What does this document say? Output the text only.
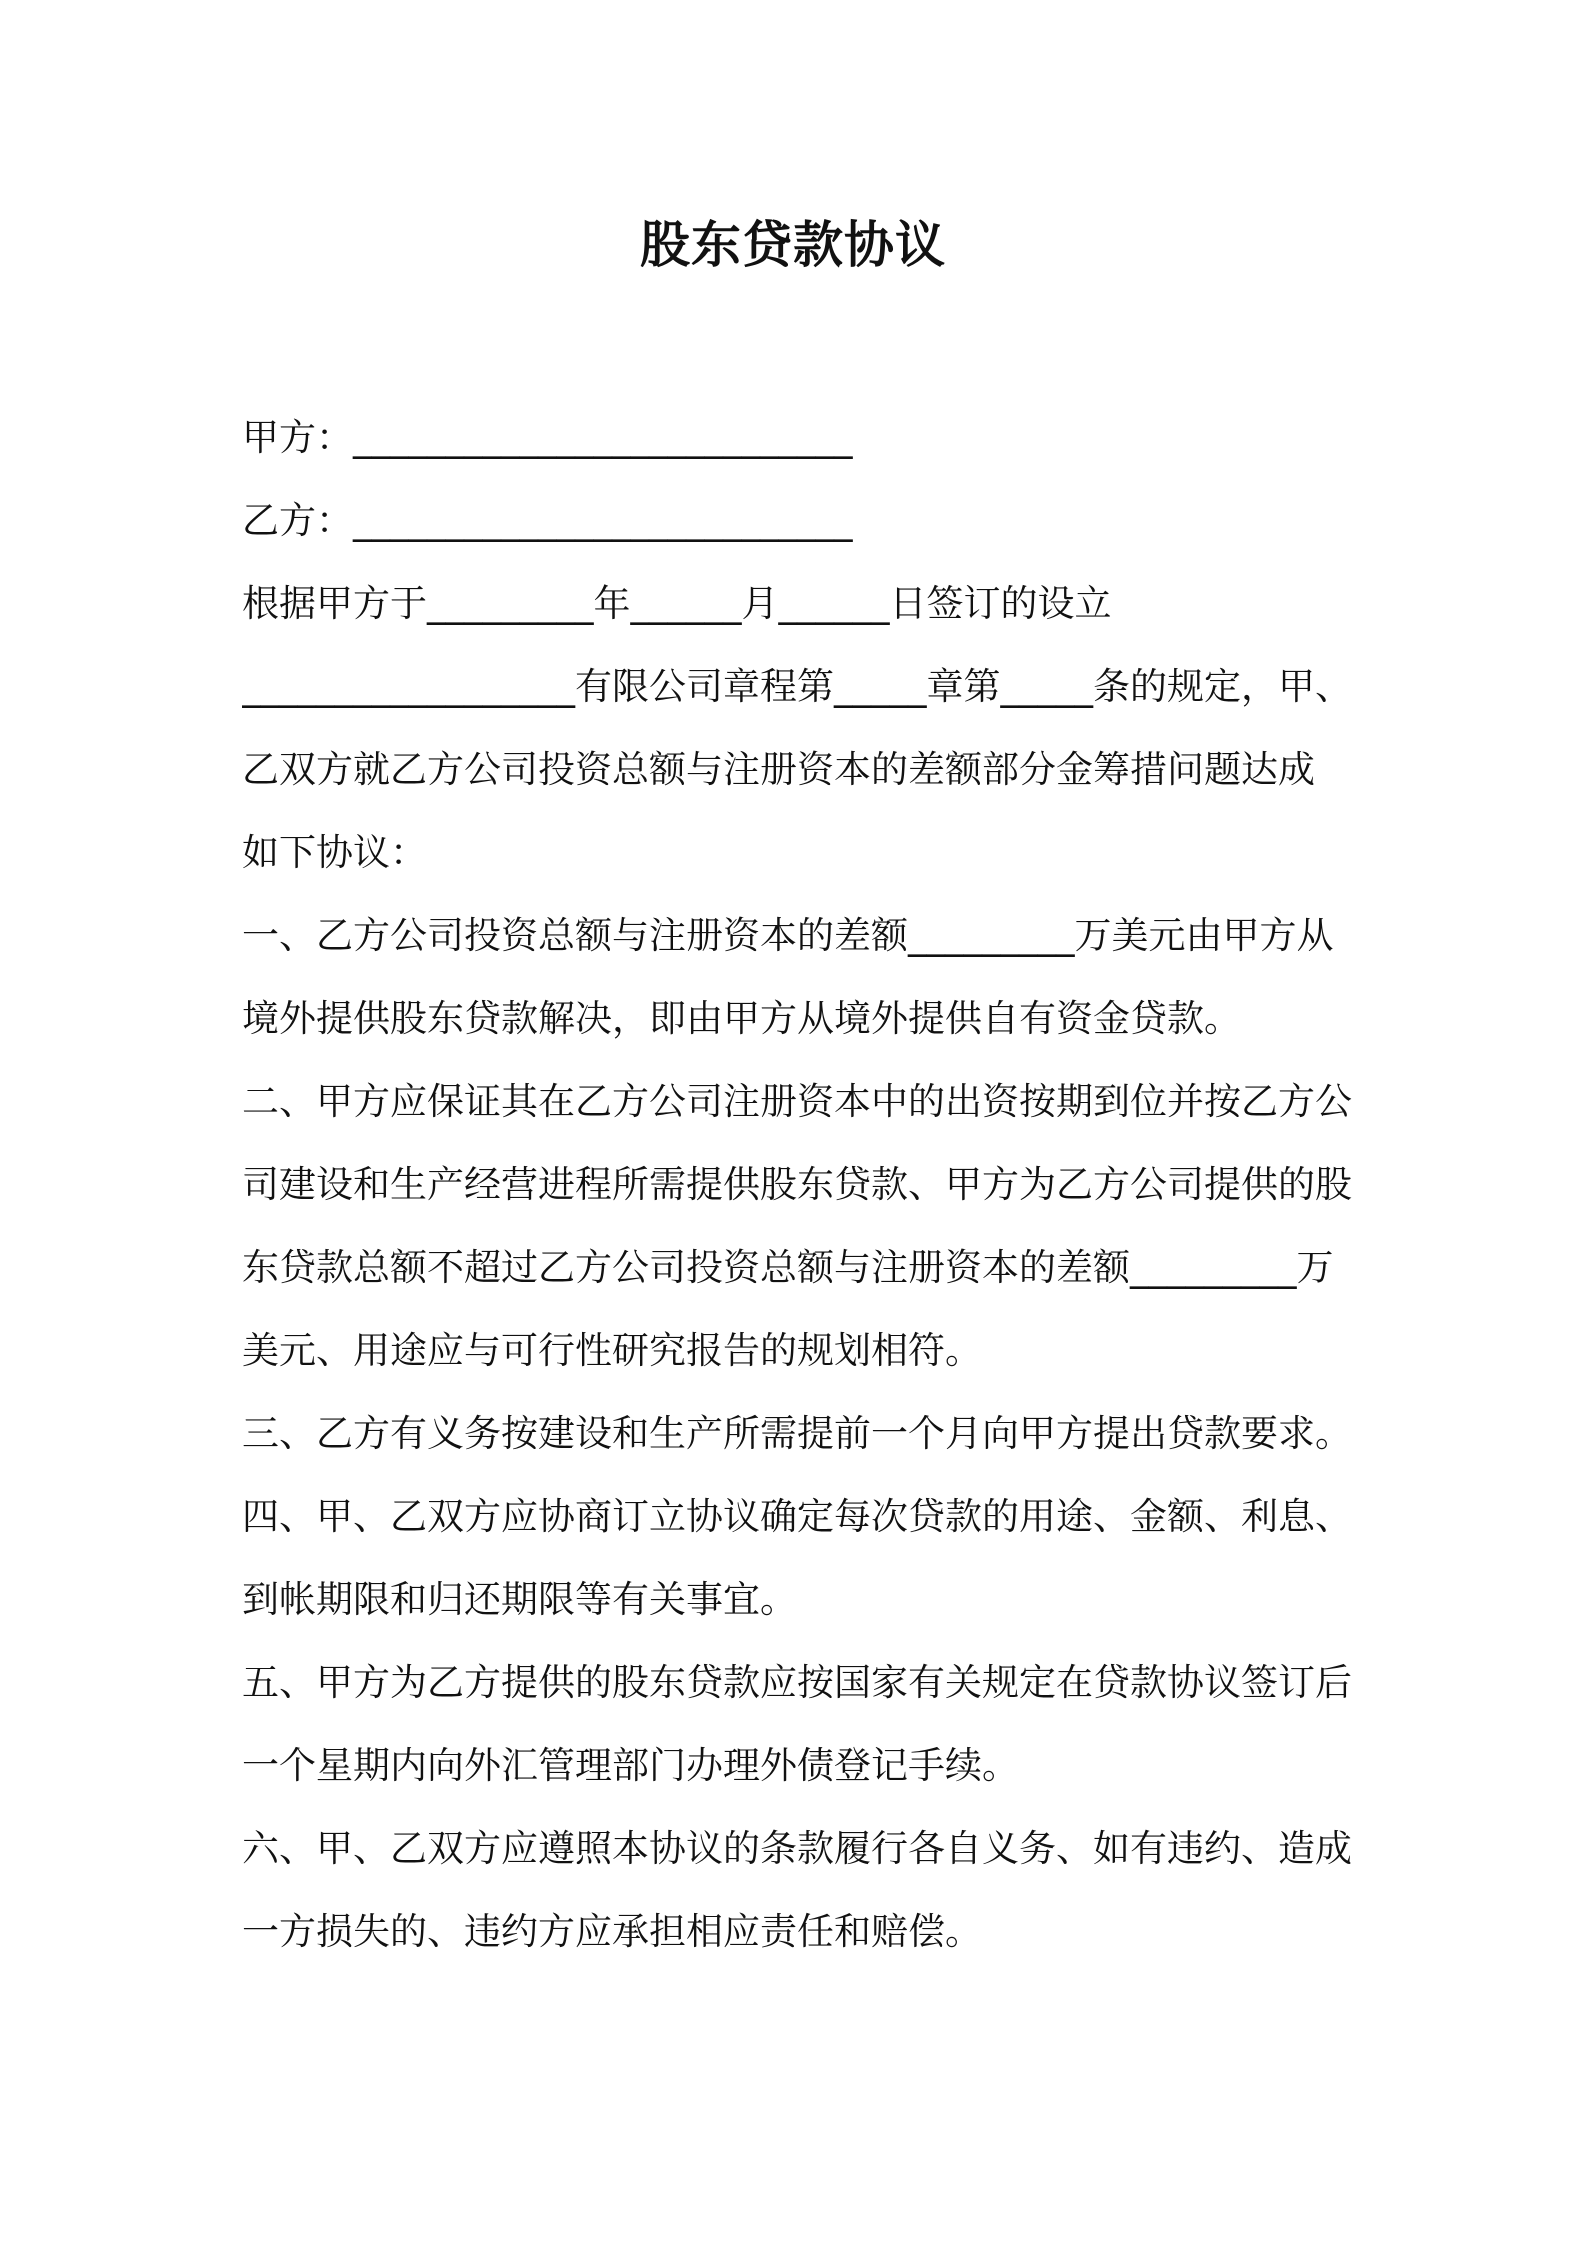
股东贷款协议
甲方：___________________________
乙方：___________________________
根据甲方于_________年______月______日签订的设立
__________________有限公司章程第_____章第_____条的规定，甲、
乙双方就乙方公司投资总额与注册资本的差额部分金筹措问题达成
如下协议：
一、乙方公司投资总额与注册资本的差额_________万美元由甲方从
境外提供股东贷款解决，即由甲方从境外提供自有资金贷款。
二、甲方应保证其在乙方公司注册资本中的出资按期到位并按乙方公
司建设和生产经营进程所需提供股东贷款、甲方为乙方公司提供的股
东贷款总额不超过乙方公司投资总额与注册资本的差额_________万
美元、用途应与可行性研究报告的规划相符。
三、乙方有义务按建设和生产所需提前一个月向甲方提出贷款要求。
四、甲、乙双方应协商订立协议确定每次贷款的用途、金额、利息、
到帐期限和归还期限等有关事宜。
五、甲方为乙方提供的股东贷款应按国家有关规定在贷款协议签订后
一个星期内向外汇管理部门办理外债登记手续。
六、甲、乙双方应遵照本协议的条款履行各自义务、如有违约、造成
一方损失的、违约方应承担相应责任和赔偿。
